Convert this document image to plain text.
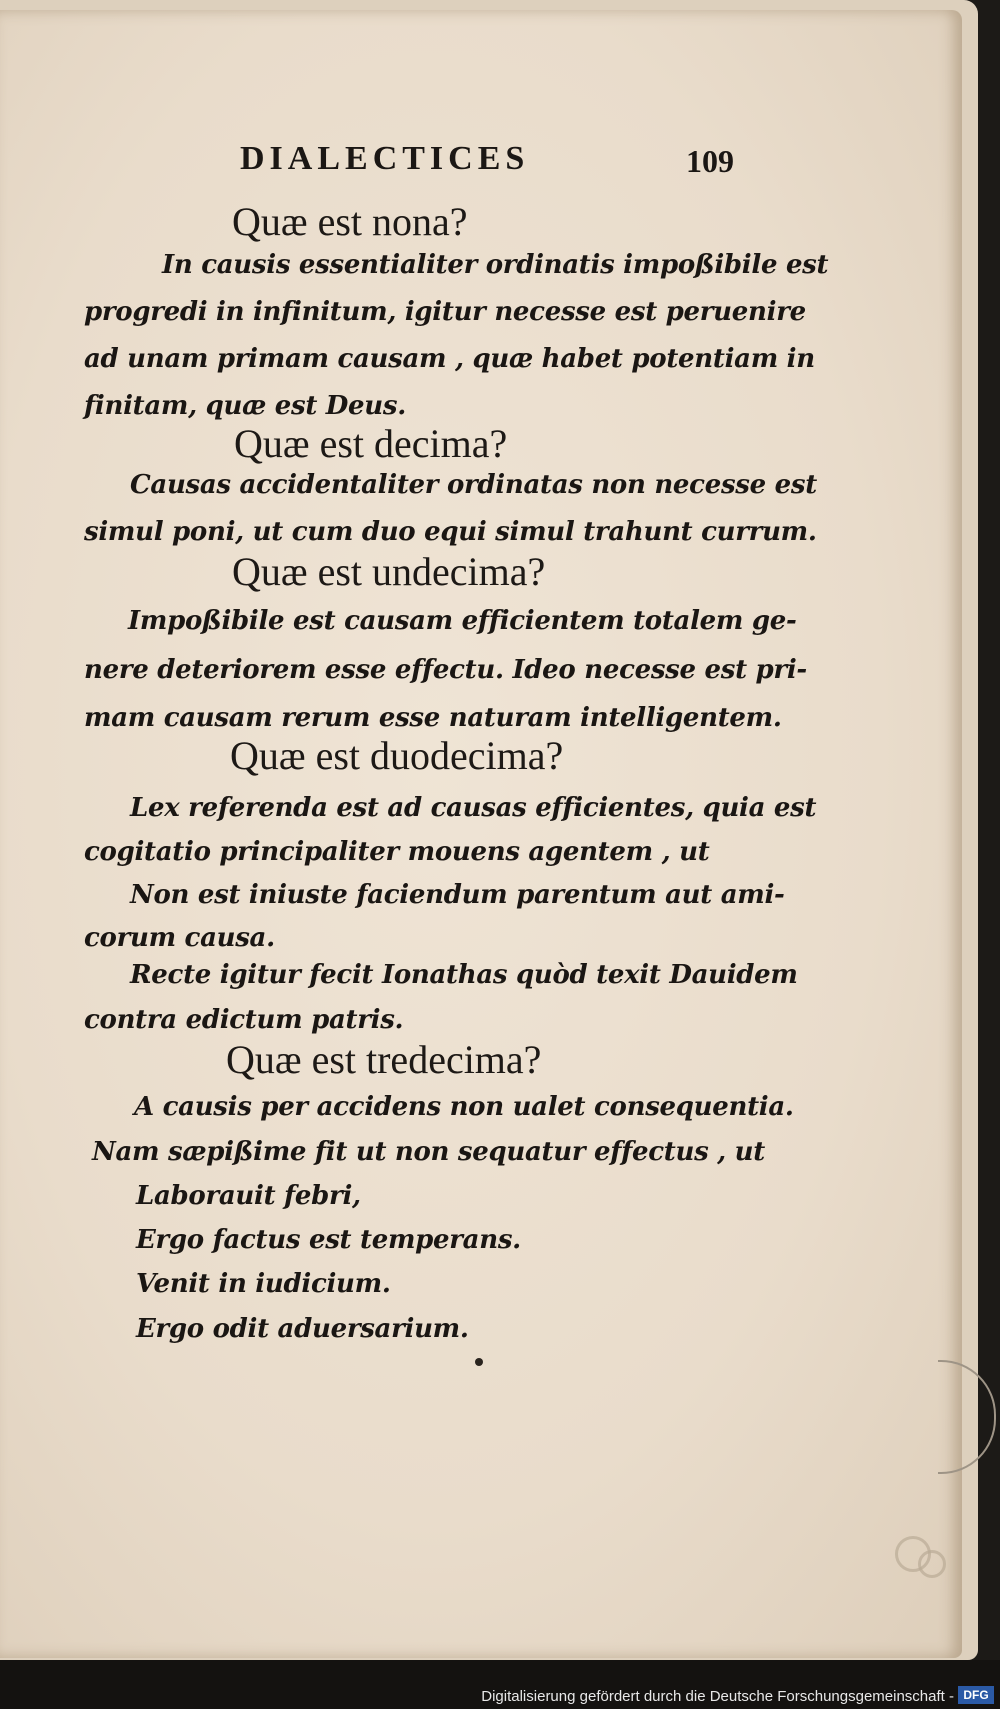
DIALECTICES	109
Quæ est nona?
In causis essentialiter ordinatis impoßibile est
progredi in infinitum, igitur necesse est peruenire
ad unam primam causam , quæ habet potentiam in
finitam, quæ est Deus.
Quæ est decima?
Causas accidentaliter ordinatas non necesse est
simul poni, ut cum duo equi simul trahunt currum.
Quæ est undecima?
Impoßibile est causam efficientem totalem ge-
nere deteriorem esse effectu. Ideo necesse est pri-
mam causam rerum esse naturam intelligentem.
Quæ est duodecima?
Lex referenda est ad causas efficientes, quia est
cogitatio principaliter mouens agentem , ut
Non est iniuste faciendum parentum aut ami-
corum causa.
Recte igitur fecit Ionathas quòd texit Dauidem
contra edictum patris.
Quæ est tredecima?
A causis per accidens non ualet consequentia.
Nam sæpißime fit ut non sequatur effectus , ut
Laborauit febri,
Ergo factus est temperans.
Venit in iudicium.
Ergo odit aduersarium.
Digitalisierung gefördert durch die Deutsche Forschungsgemeinschaft - DFG
